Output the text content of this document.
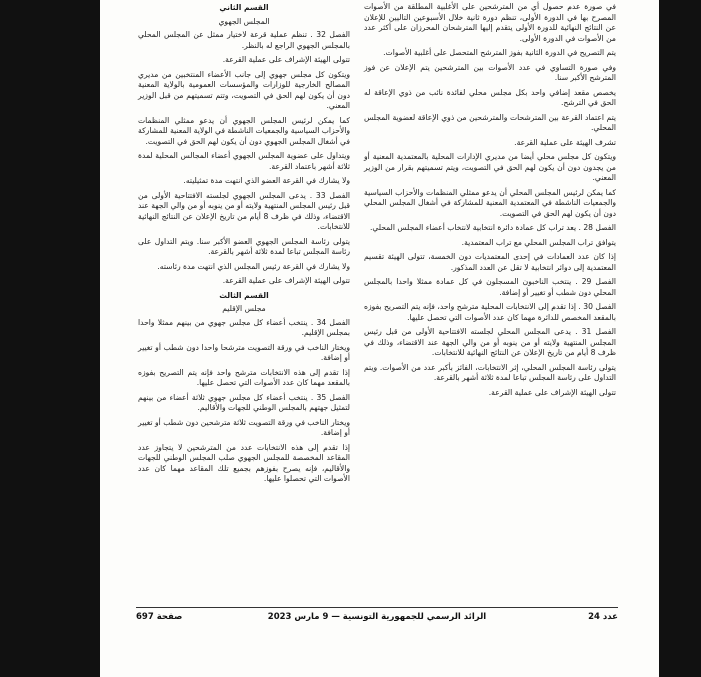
في صورة عدم حصول أي من المترشحين على الأغلبية المطلقة من الأصوات المصرح بها في الدورة الأولى، تنظم دورة ثانية خلال الأسبوعين التاليين للإعلان عن النتائج النهائية للدورة الأولى يتقدم إليها المترشحان المحرزان على أكثر عدد من الأصوات في الدورة الأولى.

يتم التصريح في الدورة الثانية بفوز المترشح المتحصل على أغلبية الأصوات.

وفي صورة التساوي في عدد الأصوات بين المترشحين يتم الإعلان عن فوز المترشح الأكبر سنا.

يخصص مقعد إضافي واحد بكل مجلس محلي لفائدة نائب من ذوي الإعاقة له الحق في الترشح.

يتم اعتماد القرعة بين المترشحات والمترشحين من ذوي الإعاقة لعضوية المجلس المحلي.

تشرف الهيئة على عملية القرعة.

ويتكون كل مجلس محلي أيضا من مديري الإدارات المحلية بالمعتمدية المعنية أو من يجدون دون أن يكون لهم الحق في التصويت، ويتم تسميتهم بقرار من الوزير المعني.

كما يمكن لرئيس المجلس المحلي أن يدعو ممثلي المنظمات والأحزاب السياسية والجمعيات الناشطة في المعتمدية المعنية للمشاركة في أشغال المجلس المحلي دون أن يكون لهم الحق في التصويت.

الفصل 28 . يعد تراب كل عمادة دائرة انتخابية لانتخاب أعضاء المجلس المحلي.

يتوافق تراب المجلس المحلي مع تراب المعتمدية.

إذا كان عدد العمادات في إحدى المعتمديات دون الخمسة، تتولى الهيئة تقسيم المعتمدية إلى دوائر انتخابية لا تقل عن العدد المذكور.

الفصل 29 . ينتخب الناخبون المسجلون في كل عمادة ممثلا واحدا بالمجلس المحلي دون شطب أو تغيير أو إضافة.

الفصل 30 . إذا تقدم إلى الانتخابات المحلية مترشح واحد، فإنه يتم التصريح بفوزه بالمقعد المخصص للدائرة مهما كان عدد الأصوات التي تحصل عليها.

الفصل 31 . يدعى المجلس المحلي لجلسته الافتتاحية الأولى من قبل رئيس المجلس المنتهية ولايته أو من ينوبه أو من والي الجهة عند الاقتضاء، وذلك في ظرف 8 أيام من تاريخ الإعلان عن النتائج النهائية للانتخابات.

يتولى رئاسة المجلس المحلي، إثر الانتخابات، الفائز بأكبر عدد من الأصوات. ويتم التداول على رئاسة المجلس تباعا لمدة ثلاثة أشهر بالقرعة.

تتولى الهيئة الإشراف على عملية القرعة.

القسم الثاني
المجلس الجهوي

الفصل 32 . تنظم عملية قرعة لاختيار ممثل عن المجلس المحلي بالمجلس الجهوي الراجع له بالنظر.

تتولى الهيئة الإشراف على عملية القرعة.

ويتكون كل مجلس جهوي إلى جانب الأعضاء المنتخبين من مديري المصالح الخارجية للوزارات والمؤسسات العمومية بالولاية المعنية دون أن يكون لهم الحق في التصويت، وتتم تسميتهم من قبل الوزير المعني.

كما يمكن لرئيس المجلس الجهوي أن يدعو ممثلي المنظمات والأحزاب السياسية والجمعيات الناشطة في الولاية المعنية للمشاركة في أشغال المجلس الجهوي دون أن يكون لهم الحق في التصويت.

ويتداول على عضوية المجلس الجهوي أعضاء المجالس المحلية لمدة ثلاثة أشهر باعتماد القرعة.

ولا يشارك في القرعة العضو الذي انتهت مدة تمثيليته.

الفصل 33 . يدعى المجلس الجهوي لجلسته الافتتاحية الأولى من قبل رئيس المجلس المنتهية ولايته أو من ينوبه أو من والي الجهة عند الاقتضاء، وذلك في ظرف 8 أيام من تاريخ الإعلان عن النتائج النهائية للانتخابات.

يتولى رئاسة المجلس الجهوي العضو الأكبر سنا. ويتم التداول على رئاسة المجلس تباعا لمدة ثلاثة أشهر بالقرعة.

ولا يشارك في القرعة رئيس المجلس الذي انتهت مدة رئاسته.

تتولى الهيئة الإشراف على عملية القرعة.

القسم الثالث
مجلس الإقليم

الفصل 34 . ينتخب أعضاء كل مجلس جهوي من بينهم ممثلا واحدا بمجلس الإقليم.

ويختار الناخب في ورقة التصويت مترشحا واحدا دون شطب أو تغيير أو إضافة.

إذا تقدم إلى هذه الانتخابات مترشح واحد فإنه يتم التصريح بفوزه بالمقعد مهما كان عدد الأصوات التي تحصل عليها.

الفصل 35 . ينتخب أعضاء كل مجلس جهوي ثلاثة أعضاء من بينهم لتمثيل جهتهم بالمجلس الوطني للجهات والأقاليم.

ويختار الناخب في ورقة التصويت ثلاثة مترشحين دون شطب أو تغيير أو إضافة.

إذا تقدم إلى هذه الانتخابات عدد من المترشحين لا يتجاوز عدد المقاعد المخصصة للمجلس الجهوي صلب المجلس الوطني للجهات والأقاليم، فإنه يصرح بفوزهم بجميع تلك المقاعد مهما كان عدد الأصوات التي تحصلوا عليها.

صفحة 697	الرائد الرسمي للجمهورية التونسية — 9 مارس 2023	عدد 24
